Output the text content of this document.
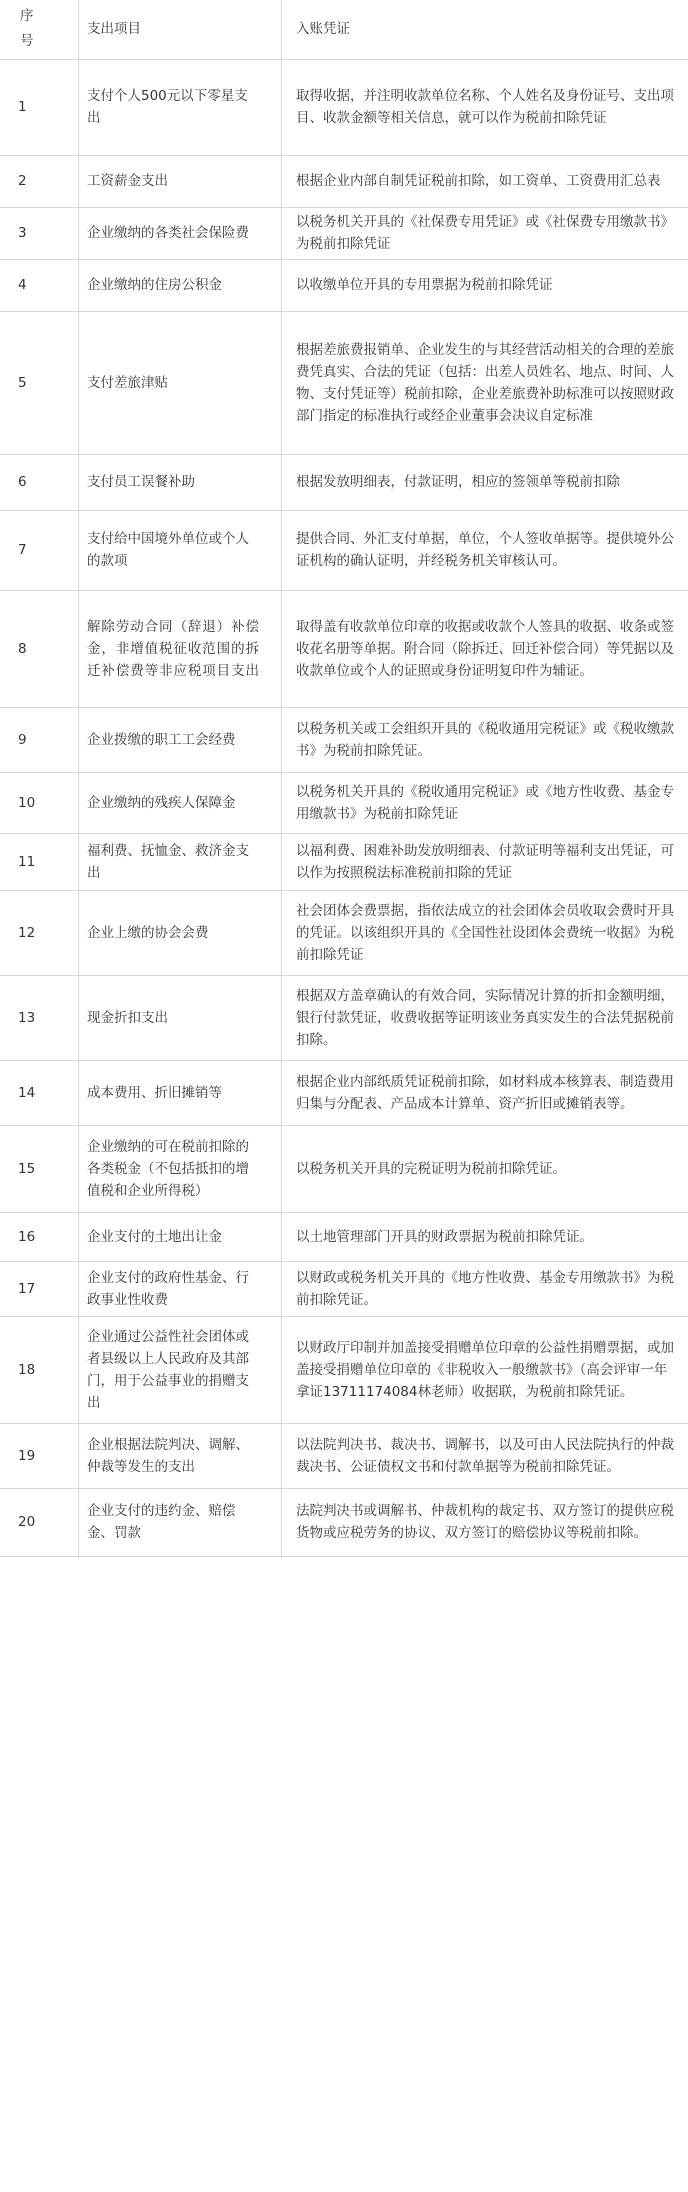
序号	支出项目	入账凭证
1	支付个人500元以下零星支出	取得收据，并注明收款单位名称、个人姓名及身份证号、支出项目、收款金额等相关信息，就可以作为税前扣除凭证
2	工资薪金支出	根据企业内部自制凭证税前扣除，如工资单、工资费用汇总表
3	企业缴纳的各类社会保险费	以税务机关开具的《社保费专用凭证》或《社保费专用缴款书》为税前扣除凭证
4	企业缴纳的住房公积金	以收缴单位开具的专用票据为税前扣除凭证
5	支付差旅津贴	根据差旅费报销单、企业发生的与其经营活动相关的合理的差旅费凭真实、合法的凭证（包括：出差人员姓名、地点、时间、人物、支付凭证等）税前扣除，企业差旅费补助标准可以按照财政部门指定的标准执行或经企业董事会决议自定标准
6	支付员工误餐补助	根据发放明细表，付款证明，相应的签领单等税前扣除
7	支付给中国境外单位或个人的款项	提供合同、外汇支付单据，单位，个人签收单据等。提供境外公证机构的确认证明，并经税务机关审核认可。
8	解除劳动合同（辞退）补偿金，非增值税征收范围的拆迁补偿费等非应税项目支出	取得盖有收款单位印章的收据或收款个人签具的收据、收条或签收花名册等单据。附合同（除拆迁、回迁补偿合同）等凭据以及收款单位或个人的证照或身份证明复印件为辅证。
9	企业拨缴的职工工会经费	以税务机关或工会组织开具的《税收通用完税证》或《税收缴款书》为税前扣除凭证。
10	企业缴纳的残疾人保障金	以税务机关开具的《税收通用完税证》或《地方性收费、基金专用缴款书》为税前扣除凭证
11	福利费、抚恤金、救济金支出	以福利费、困难补助发放明细表、付款证明等福利支出凭证，可以作为按照税法标准税前扣除的凭证
12	企业上缴的协会会费	社会团体会费票据，指依法成立的社会团体会员收取会费时开具的凭证。以该组织开具的《全国性社设团体会费统一收据》为税前扣除凭证
13	现金折扣支出	根据双方盖章确认的有效合同，实际情况计算的折扣金额明细，银行付款凭证，收费收据等证明该业务真实发生的合法凭据税前扣除。
14	成本费用、折旧摊销等	根据企业内部纸质凭证税前扣除，如材料成本核算表、制造费用归集与分配表、产品成本计算单、资产折旧或摊销表等。
15	企业缴纳的可在税前扣除的各类税金（不包括抵扣的增值税和企业所得税）	以税务机关开具的完税证明为税前扣除凭证。
16	企业支付的土地出让金	以土地管理部门开具的财政票据为税前扣除凭证。
17	企业支付的政府性基金、行政事业性收费	以财政或税务机关开具的《地方性收费、基金专用缴款书》为税前扣除凭证。
18	企业通过公益性社会团体或者县级以上人民政府及其部门，用于公益事业的捐赠支出	以财政厅印制并加盖接受捐赠单位印章的公益性捐赠票据，或加盖接受捐赠单位印章的《非税收入一般缴款书》（高会评审一年拿证13711174084林老师）收据联，为税前扣除凭证。
19	企业根据法院判决、调解、仲裁等发生的支出	以法院判决书、裁决书、调解书，以及可由人民法院执行的仲裁裁决书、公证债权文书和付款单据等为税前扣除凭证。
20	企业支付的违约金、赔偿金、罚款	法院判决书或调解书、仲裁机构的裁定书、双方签订的提供应税货物或应税劳务的协议、双方签订的赔偿协议等税前扣除。
